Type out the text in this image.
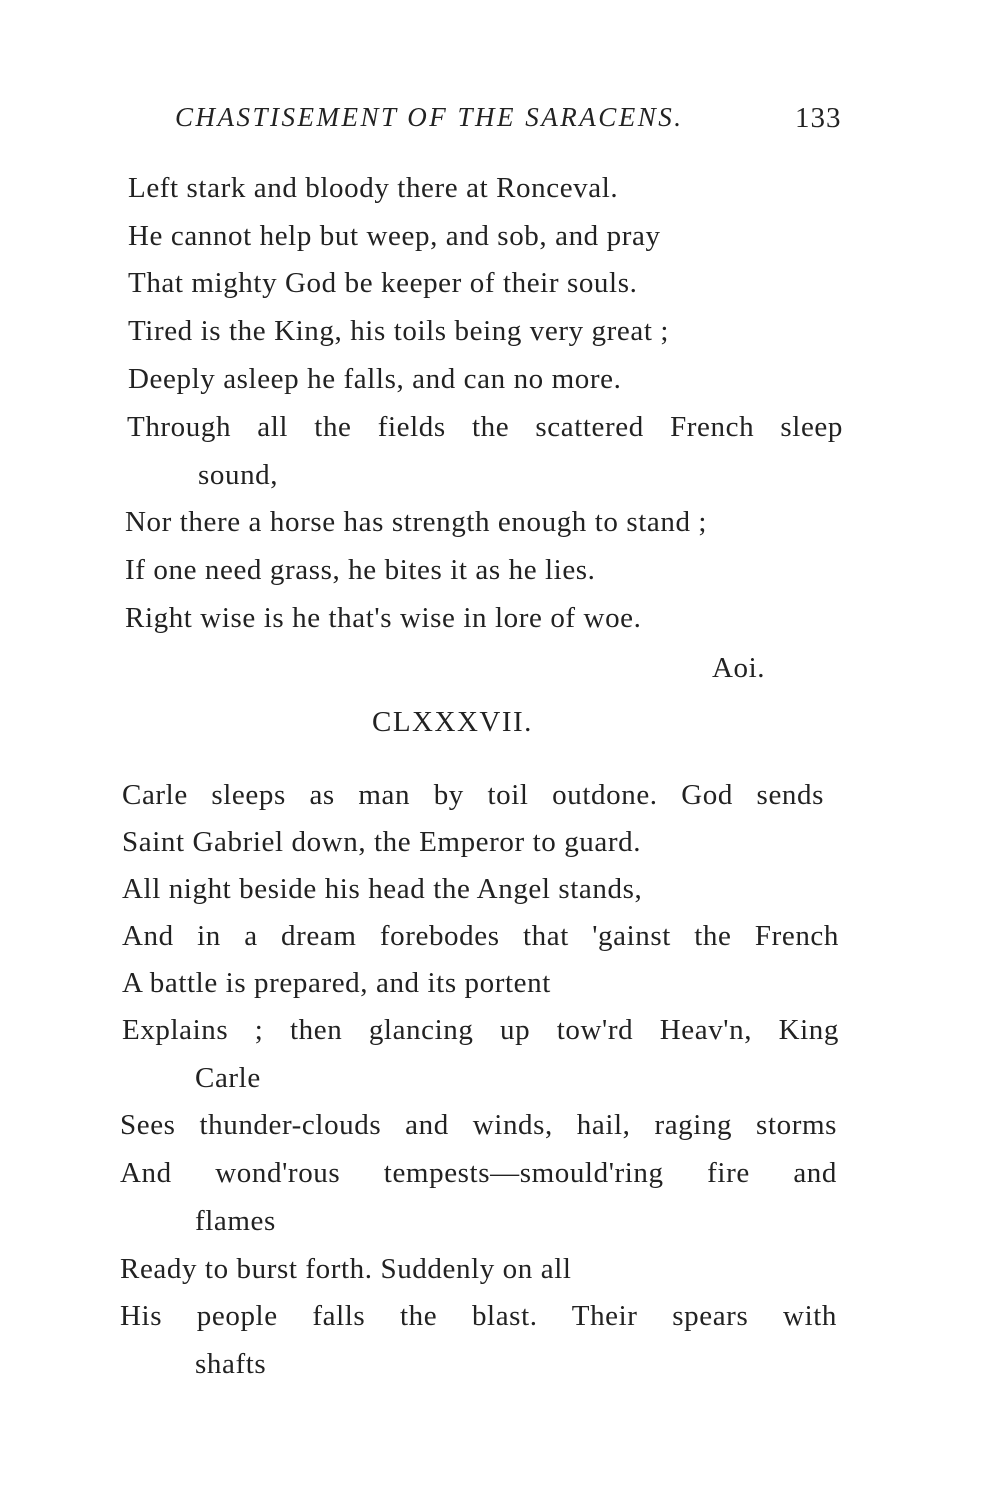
CHASTISEMENT OF THE SARACENS.	133
Left stark and bloody there at Ronceval.
He cannot help but weep, and sob, and pray
That mighty God be keeper of their souls.
Tired is the King, his toils being very great ;
Deeply asleep he falls, and can no more.
Through all the fields the scattered French sleep
sound,
Nor there a horse has strength enough to stand ;
If one need grass, he bites it as he lies.
Right wise is he that's wise in lore of woe.
Aoi.
CLXXXVII.
Carle sleeps as man by toil outdone. God sends
Saint Gabriel down, the Emperor to guard.
All night beside his head the Angel stands,
And in a dream forebodes that 'gainst the French
A battle is prepared, and its portent
Explains ; then glancing up tow'rd Heav'n, King
Carle
Sees thunder-clouds and winds, hail, raging storms
And wond'rous tempests—smould'ring fire and
flames
Ready to burst forth. Suddenly on all
His people falls the blast. Their spears with
shafts
